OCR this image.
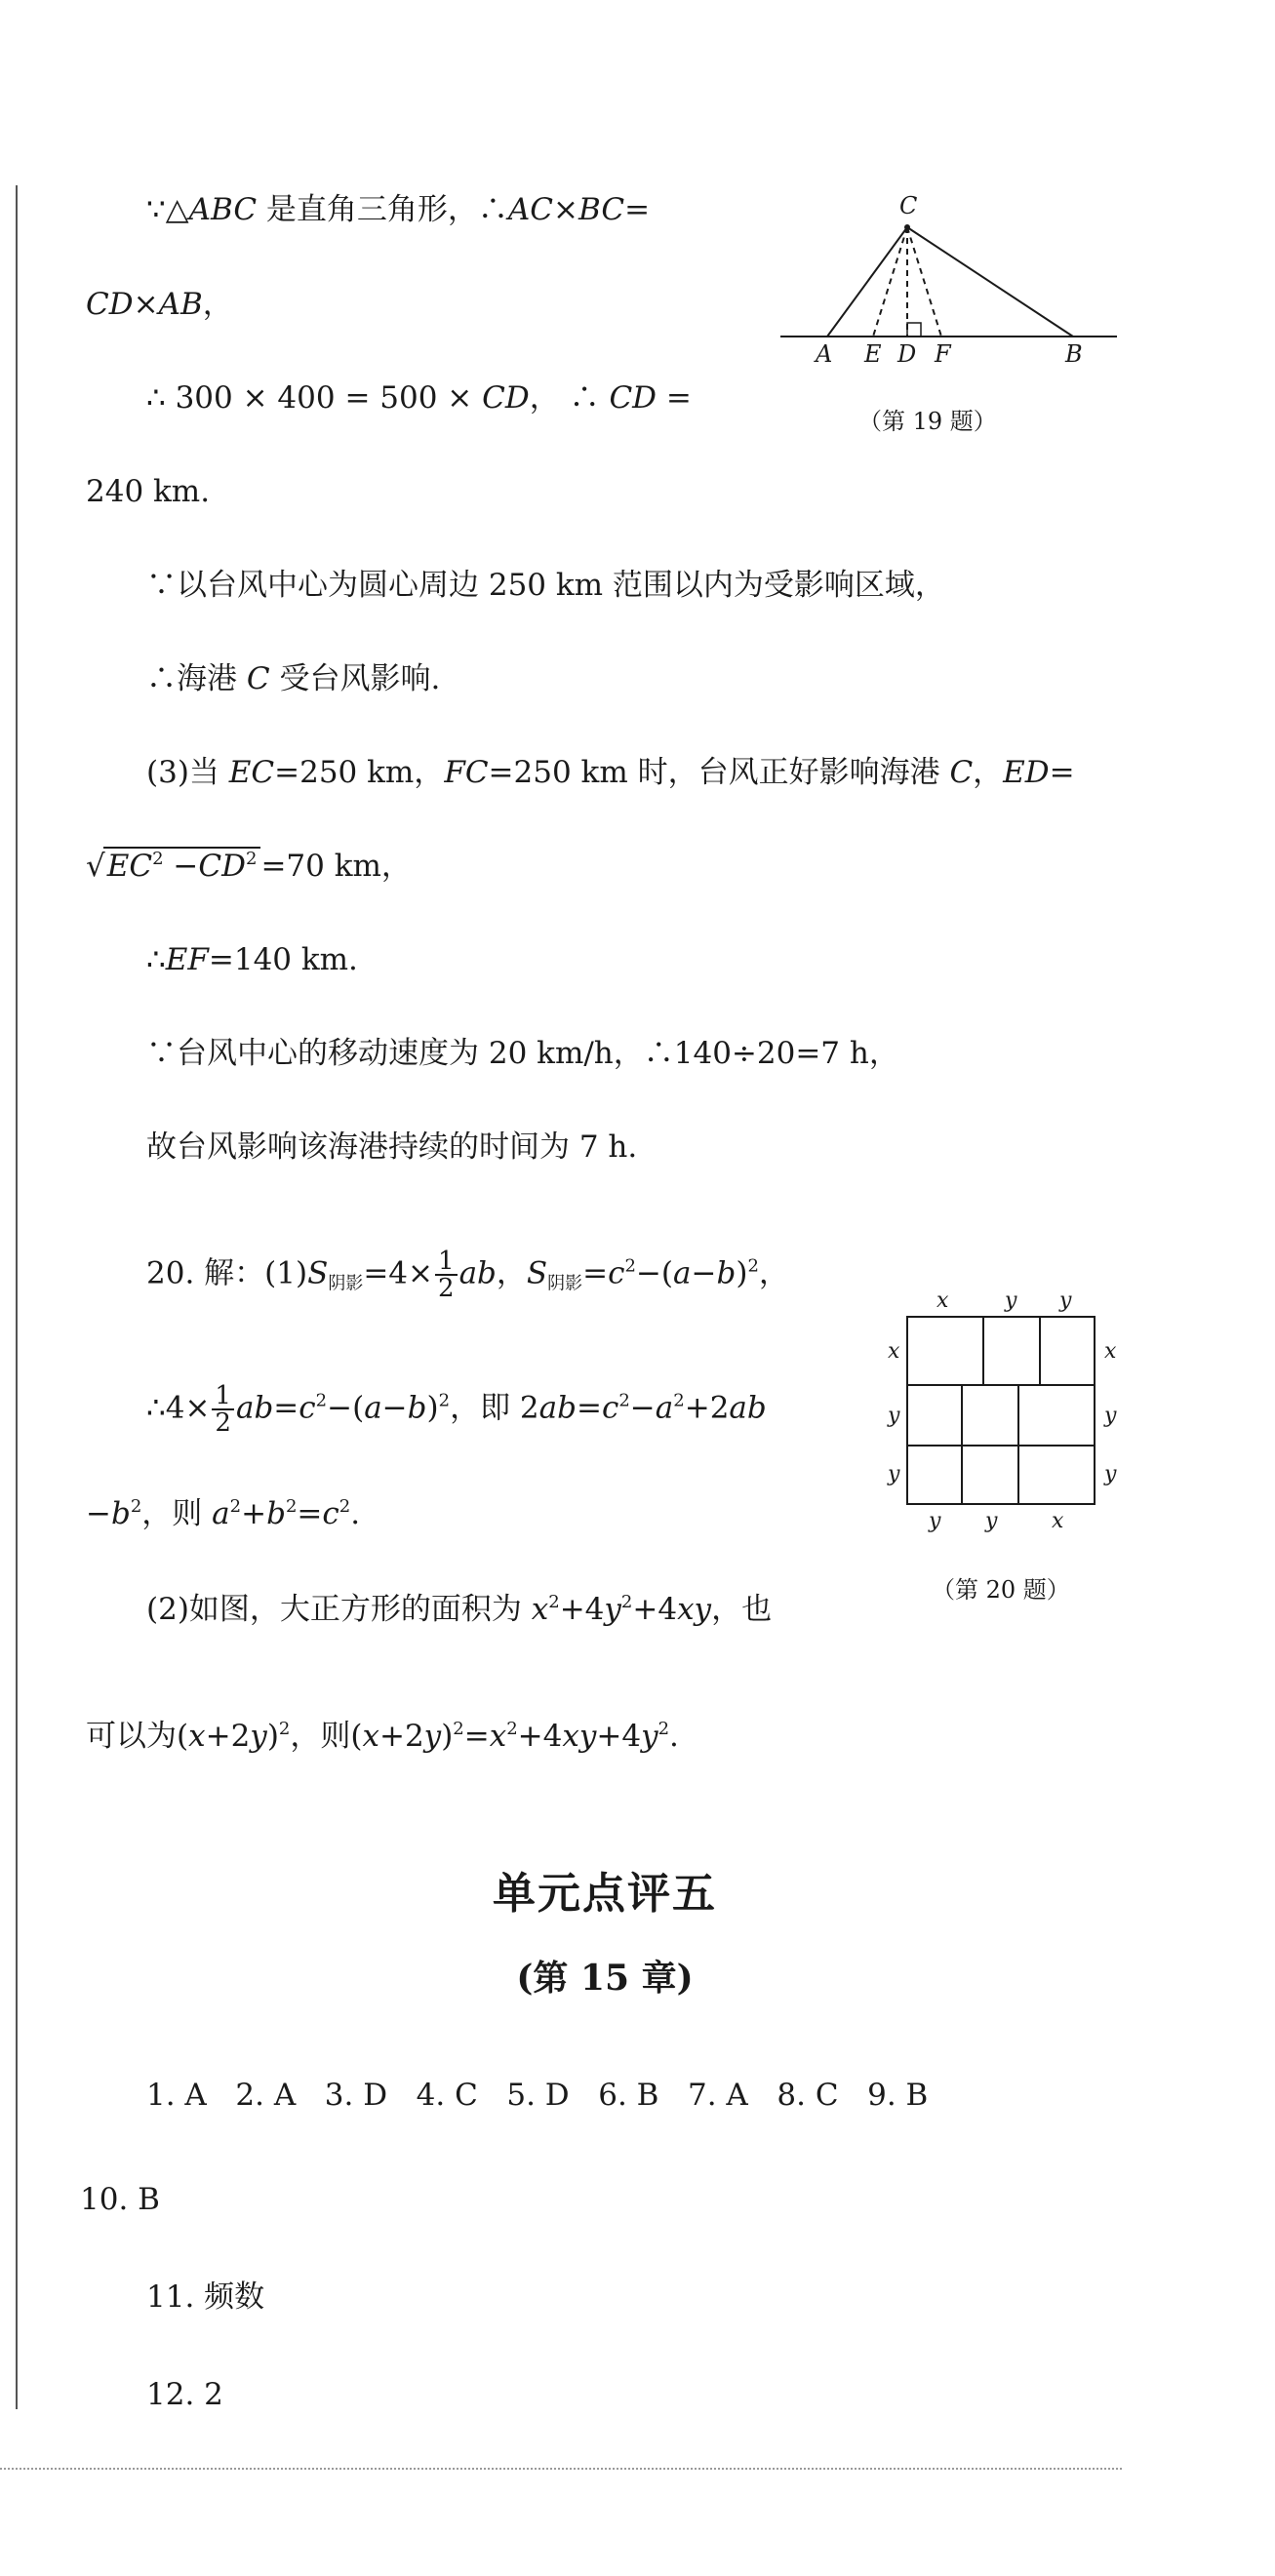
∵△ABC 是直角三角形，∴AC×BC=
CD×AB，
∴ 300 × 400 = 500 × CD， ∴ CD =
240 km.
∵以台风中心为圆心周边 250 km 范围以内为受影响区域，
∴海港 C 受台风影响.
(3)当 EC=250 km，FC=250 km 时，台风正好影响海港 C，ED=
$√EC^2 -CD^2 =70$ km，
∴EF=140 km.
∵台风中心的移动速度为 20 km/h，∴140÷20=7 h，
故台风影响该海港持续的时间为 7 h.
20. 解：$(1)S_{阴影}=4\times \frac{1}{2}$ ab，$S_{阴影}=c^2-(a-b)^2$，
∴4× $\frac{1}{2} ab=c^2-(a-b)^2$，即 $2ab=c^2-a^2+2ab$
$-b^2$，则 $a^2+b^2=c^2$.
(2)如图，大正方形的面积为 $x^2+4y^2+4xy$，也
可以为$(x+2y)^2$，则$(x+2y)^2=x^2+4xy+4y^2$.
单元点评五
(第 15 章)
1. A 2. A 3. D 4. C 5. D 6. B 7. A 8. C 9. B
10. B
11. 频数
12. 2
C
A E D F	B
（第 19 题）
x	y y
x
y
y
x
y
y
y y	x
（第 20 题）
